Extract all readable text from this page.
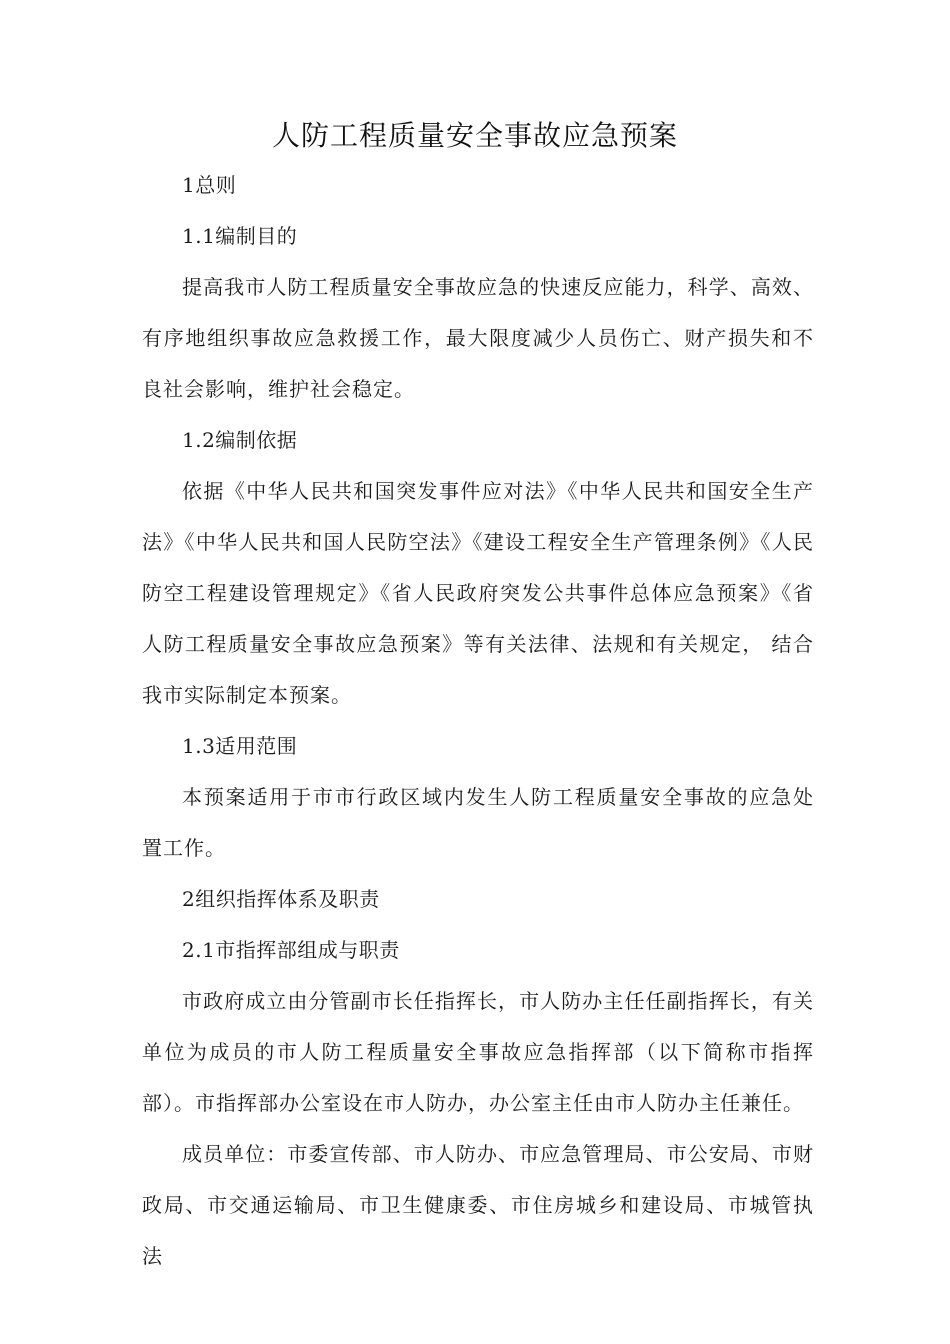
人防工程质量安全事故应急预案

1总则

1.1编制目的

提高我市人防工程质量安全事故应急的快速反应能力，科学、高效、 有序地组织事故应急救援工作，最大限度减少人员伤亡、财产损失和不 良社会影响，维护社会稳定。

1.2编制依据

依据《中华人民共和国突发事件应对法》《中华人民共和国安全生产法》《中华人民共和国人民防空法》《建设工程安全生产管理条例》《人民防空工程建设管理规定》《省人民政府突发公共事件总体应急预案》《省人防工程质量安全事故应急预案》等有关法律、法规和有关规定， 结合我市实际制定本预案。

1.3适用范围

本预案适用于市市行政区域内发生人防工程质量安全事故的应急处 置工作。

2组织指挥体系及职责

2.1市指挥部组成与职责

市政府成立由分管副市长任指挥长，市人防办主任任副指挥长，有关 单位为成员的市人防工程质量安全事故应急指挥部（以下简称市指挥 部）。市指挥部办公室设在市人防办，办公室主任由市人防办主任兼任。

成员单位：市委宣传部、市人防办、市应急管理局、市公安局、市财 政局、市交通运输局、市卫生健康委、市住房城乡和建设局、市城管执 法
